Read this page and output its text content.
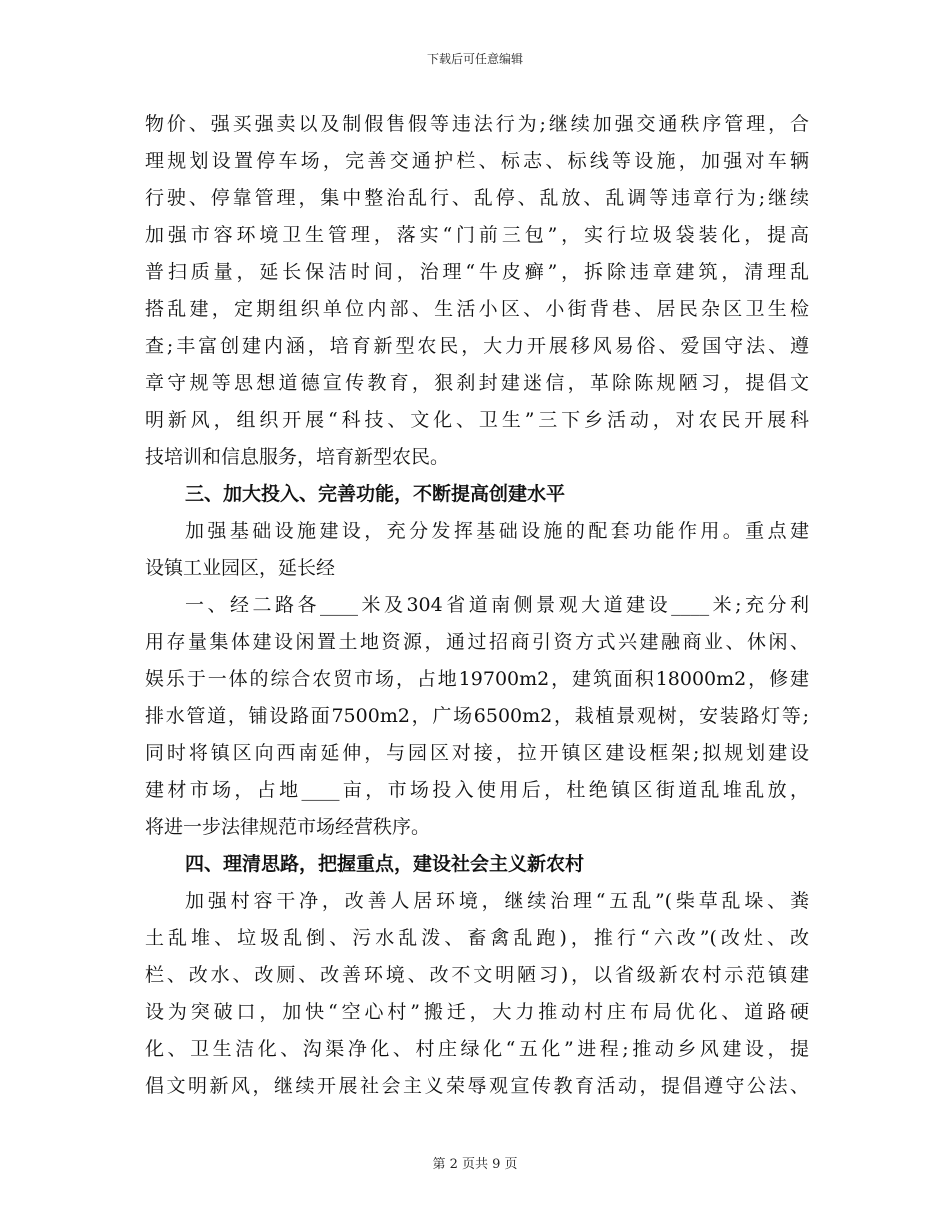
下载后可任意编辑
物价、强买强卖以及制假售假等违法行为;继续加强交通秩序管理，合
理规划设置停车场，完善交通护栏、标志、标线等设施，加强对车辆
行驶、停靠管理，集中整治乱行、乱停、乱放、乱调等违章行为;继续
加强市容环境卫生管理，落实“门前三包”，实行垃圾袋装化，提高
普扫质量，延长保洁时间，治理“牛皮癣”，拆除违章建筑，清理乱
搭乱建，定期组织单位内部、生活小区、小街背巷、居民杂区卫生检
查;丰富创建内涵，培育新型农民，大力开展移风易俗、爱国守法、遵
章守规等思想道德宣传教育，狠刹封建迷信，革除陈规陋习，提倡文
明新风，组织开展“科技、文化、卫生”三下乡活动，对农民开展科
技培训和信息服务，培育新型农民。
三、加大投入、完善功能，不断提高创建水平
加强基础设施建设，充分发挥基础设施的配套功能作用。重点建
设镇工业园区，延长经
一、经二路各____米及304省道南侧景观大道建设____米;充分利
用存量集体建设闲置土地资源，通过招商引资方式兴建融商业、休闲、
娱乐于一体的综合农贸市场，占地19700m2，建筑面积18000m2，修建
排水管道，铺设路面7500m2，广场6500m2，栽植景观树，安装路灯等;
同时将镇区向西南延伸，与园区对接，拉开镇区建设框架;拟规划建设
建材市场，占地____亩，市场投入使用后，杜绝镇区街道乱堆乱放，
将进一步法律规范市场经营秩序。
四、理清思路，把握重点，建设社会主义新农村
加强村容干净，改善人居环境，继续治理“五乱”(柴草乱垛、粪
土乱堆、垃圾乱倒、污水乱泼、畜禽乱跑)，推行“六改”(改灶、改
栏、改水、改厕、改善环境、改不文明陋习)，以省级新农村示范镇建
设为突破口，加快“空心村”搬迁，大力推动村庄布局优化、道路硬
化、卫生洁化、沟渠净化、村庄绿化“五化”进程;推动乡风建设，提
倡文明新风，继续开展社会主义荣辱观宣传教育活动，提倡遵守公法、
第 2 页共 9 页
